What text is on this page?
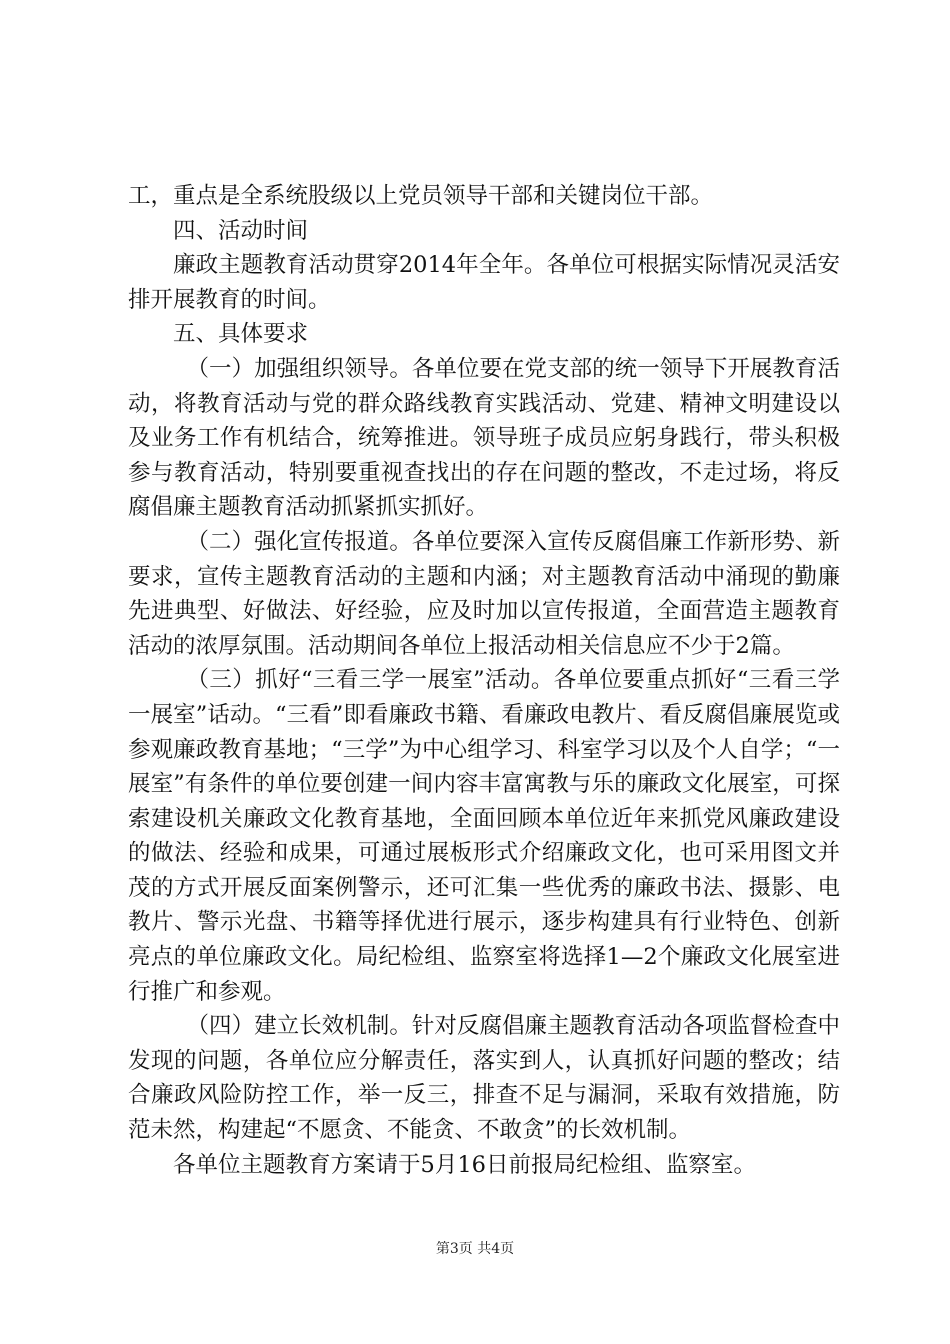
工，重点是全系统股级以上党员领导干部和关键岗位干部。

四、活动时间

廉政主题教育活动贯穿2014年全年。各单位可根据实际情况灵活安排开展教育的时间。

五、具体要求

（一）加强组织领导。各单位要在党支部的统一领导下开展教育活动，将教育活动与党的群众路线教育实践活动、党建、精神文明建设以及业务工作有机结合，统筹推进。领导班子成员应躬身践行，带头积极参与教育活动，特别要重视查找出的存在问题的整改，不走过场，将反腐倡廉主题教育活动抓紧抓实抓好。

（二）强化宣传报道。各单位要深入宣传反腐倡廉工作新形势、新要求，宣传主题教育活动的主题和内涵；对主题教育活动中涌现的勤廉先进典型、好做法、好经验，应及时加以宣传报道，全面营造主题教育活动的浓厚氛围。活动期间各单位上报活动相关信息应不少于2篇。

（三）抓好“三看三学一展室”活动。各单位要重点抓好“三看三学一展室”话动。“三看”即看廉政书籍、看廉政电教片、看反腐倡廉展览或参观廉政教育基地；“三学”为中心组学习、科室学习以及个人自学；“一展室”有条件的单位要创建一间内容丰富寓教与乐的廉政文化展室，可探索建设机关廉政文化教育基地，全面回顾本单位近年来抓党风廉政建设的做法、经验和成果，可通过展板形式介绍廉政文化，也可采用图文并茂的方式开展反面案例警示，还可汇集一些优秀的廉政书法、摄影、电教片、警示光盘、书籍等择优进行展示，逐步构建具有行业特色、创新亮点的单位廉政文化。局纪检组、监察室将选择1—2个廉政文化展室进行推广和参观。

（四）建立长效机制。针对反腐倡廉主题教育活动各项监督检查中发现的问题，各单位应分解责任，落实到人，认真抓好问题的整改；结合廉政风险防控工作，举一反三，排查不足与漏洞，采取有效措施，防范未然，构建起“不愿贪、不能贪、不敢贪”的长效机制。

各单位主题教育方案请于5月16日前报局纪检组、监察室。

第3页 共4页
